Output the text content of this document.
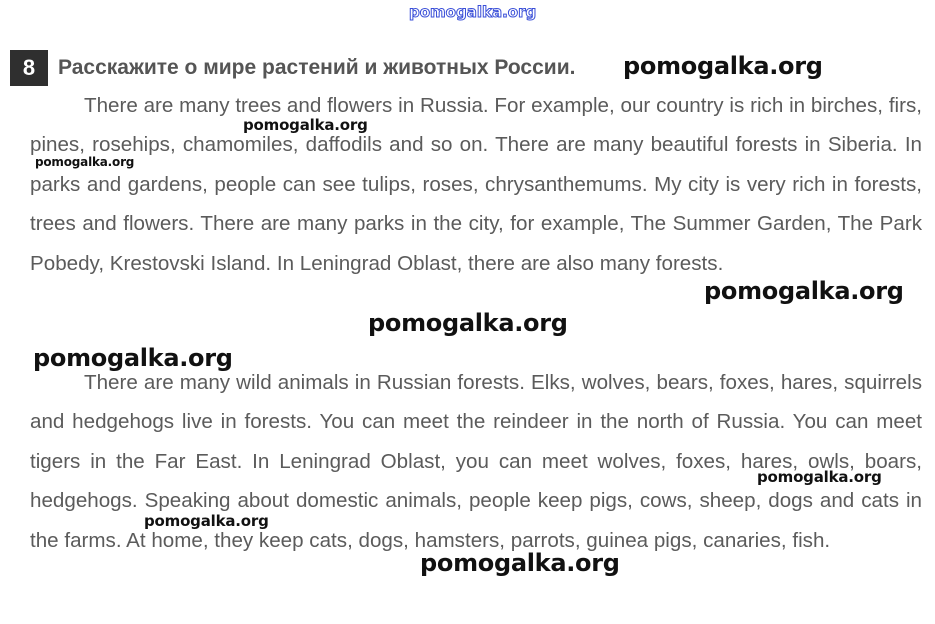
pomogalka.org
8	Расскажите о мире растений и животных России.

There are many trees and flowers in Russia. For example, our country is rich in birches, firs, pines, rosehips, chamomiles, daffodils and so on. There are many beautiful forests in Siberia. In parks and gardens, people can see tulips, roses, chrysanthemums. My city is very rich in forests, trees and flowers. There are many parks in the city, for example, The Summer Garden, The Park Pobedy, Krestovski Island. In Leningrad Oblast, there are also many forests.

There are many wild animals in Russian forests. Elks, wolves, bears, foxes, hares, squirrels and hedgehogs live in forests. You can meet the reindeer in the north of Russia. You can meet tigers in the Far East. In Leningrad Oblast, you can meet wolves, foxes, hares, owls, boars, hedgehogs. Speaking about domestic animals, people keep pigs, cows, sheep, dogs and cats in the farms. At home, they keep cats, dogs, hamsters, parrots, guinea pigs, canaries, fish.

pomogalka.org
pomogalka.org
pomogalka.org
pomogalka.org
pomogalka.org
pomogalka.org
pomogalka.org
pomogalka.org
pomogalka.org
